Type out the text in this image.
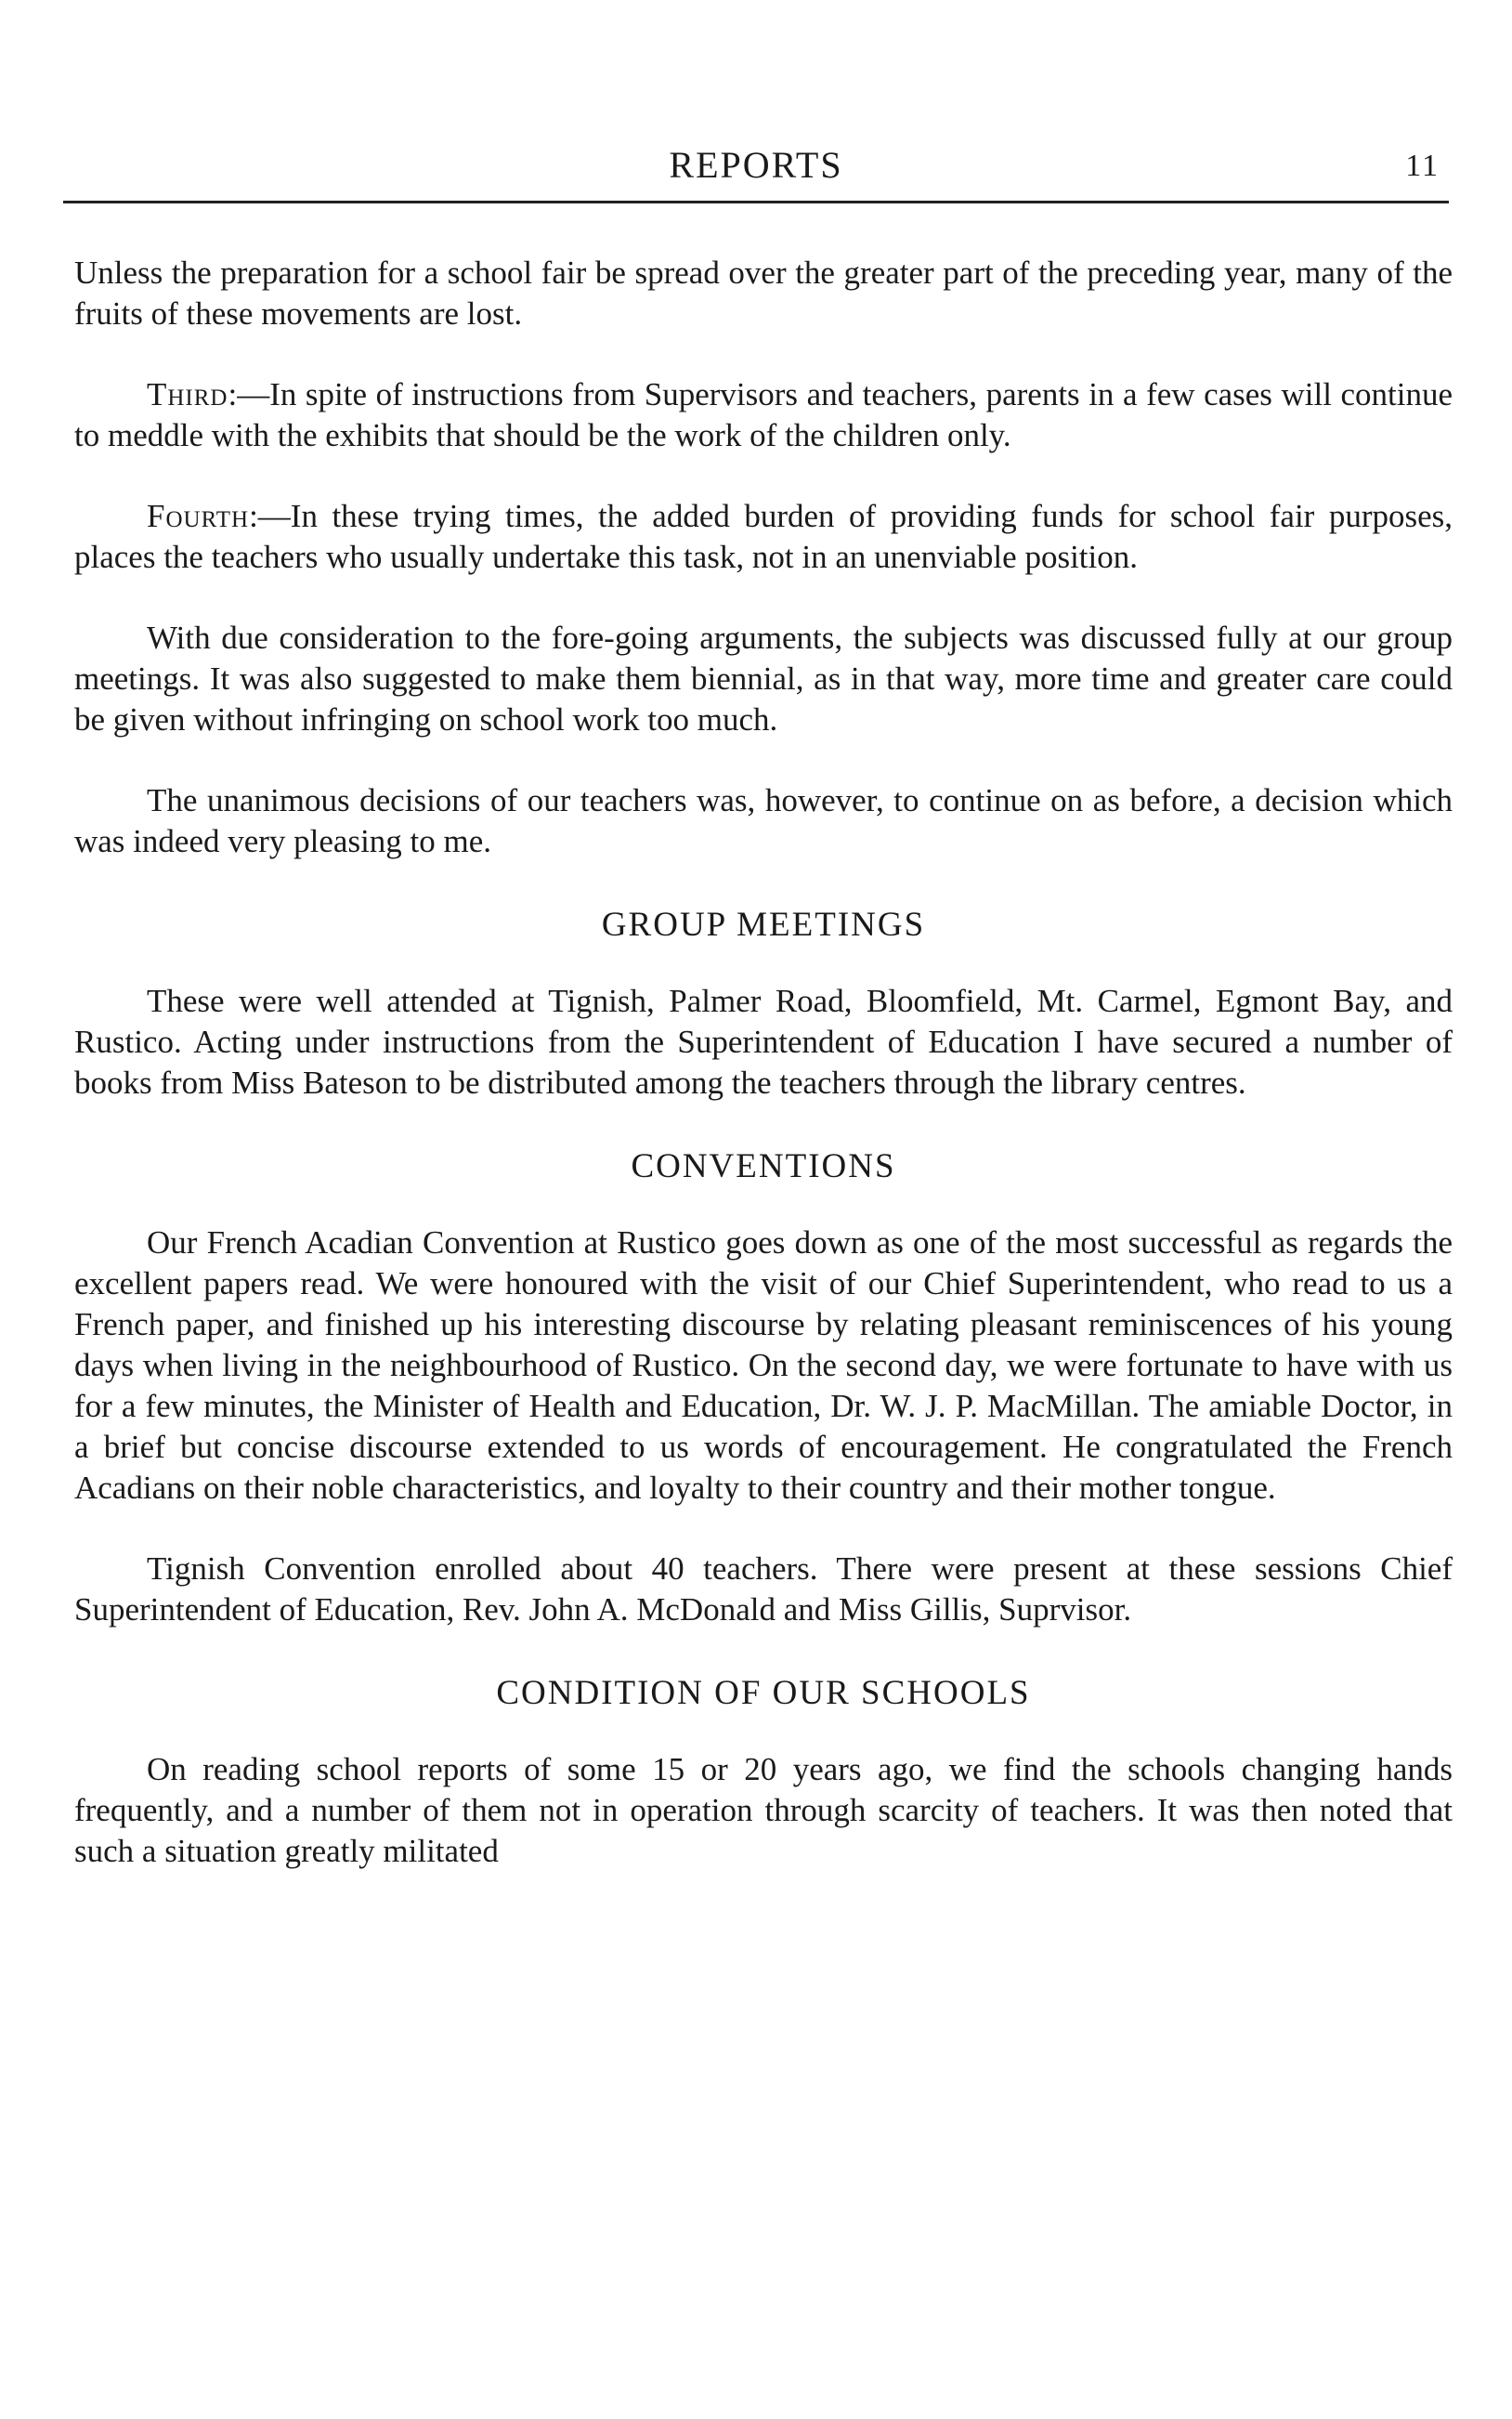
REPORTS	11

Unless the preparation for a school fair be spread over the greater part of the preceding year, many of the fruits of these movements are lost.

Third:—In spite of instructions from Supervisors and teachers, parents in a few cases will continue to meddle with the exhibits that should be the work of the children only.

Fourth:—In these trying times, the added burden of providing funds for school fair purposes, places the teachers who usually undertake this task, not in an unenviable position.

With due consideration to the fore-going arguments, the subjects was discussed fully at our group meetings. It was also suggested to make them biennial, as in that way, more time and greater care could be given without infringing on school work too much.

The unanimous decisions of our teachers was, however, to continue on as before, a decision which was indeed very pleasing to me.

GROUP MEETINGS

These were well attended at Tignish, Palmer Road, Bloomfield, Mt. Carmel, Egmont Bay, and Rustico. Acting under instructions from the Superintendent of Education I have secured a number of books from Miss Bateson to be distributed among the teachers through the library centres.

CONVENTIONS

Our French Acadian Convention at Rustico goes down as one of the most successful as regards the excellent papers read. We were honoured with the visit of our Chief Superintendent, who read to us a French paper, and finished up his interesting discourse by relating pleasant reminiscences of his young days when living in the neighbourhood of Rustico. On the second day, we were fortunate to have with us for a few minutes, the Minister of Health and Education, Dr. W. J. P. MacMillan. The amiable Doctor, in a brief but concise discourse extended to us words of encouragement. He congratulated the French Acadians on their noble characteristics, and loyalty to their country and their mother tongue.

Tignish Convention enrolled about 40 teachers. There were present at these sessions Chief Superintendent of Education, Rev. John A. McDonald and Miss Gillis, Suprvisor.

CONDITION OF OUR SCHOOLS

On reading school reports of some 15 or 20 years ago, we find the schools changing hands frequently, and a number of them not in operation through scarcity of teachers. It was then noted that such a situation greatly militated
